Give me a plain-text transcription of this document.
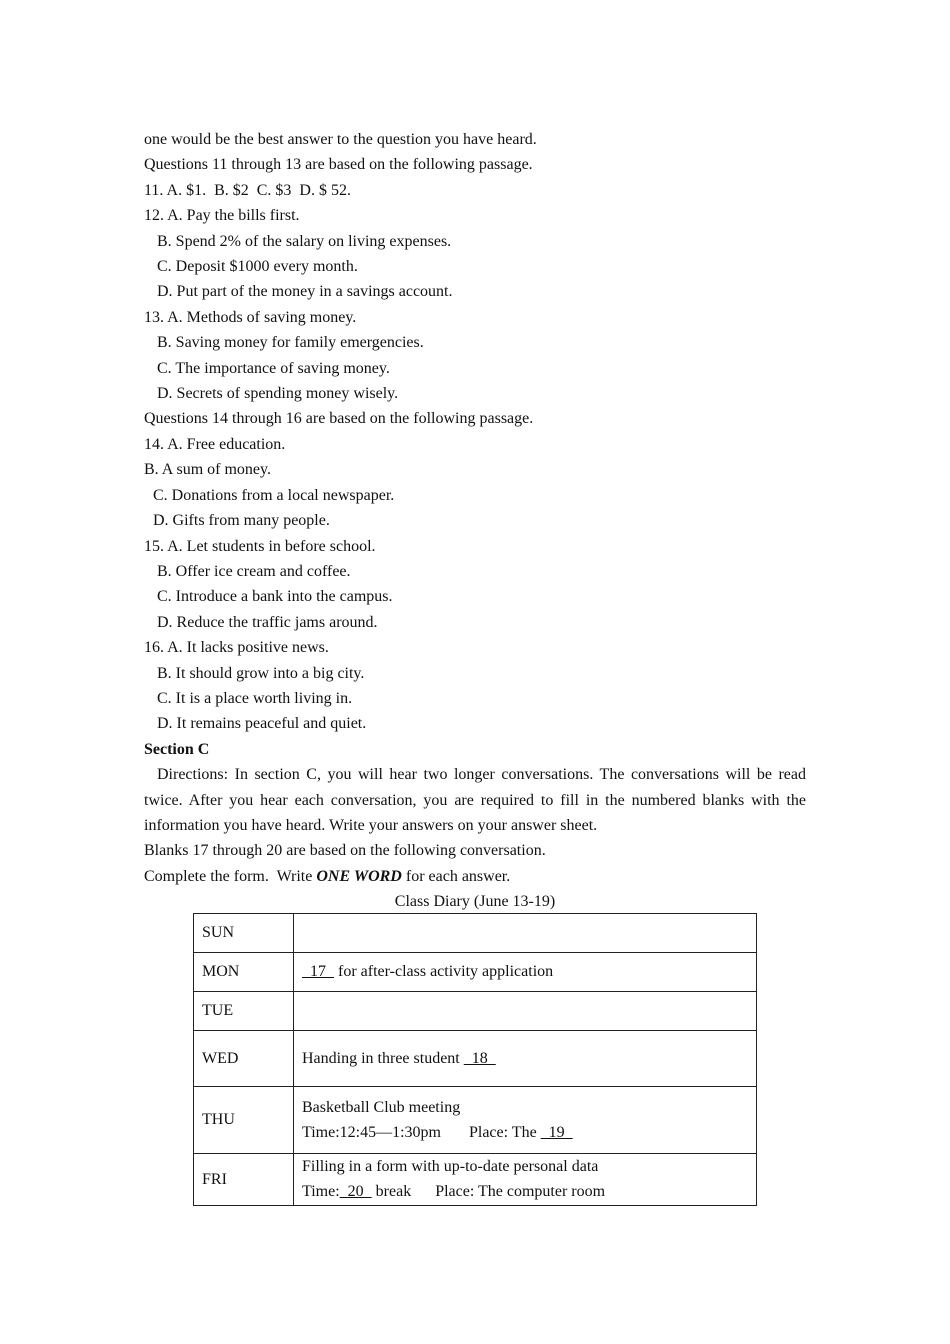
one would be the best answer to the question you have heard.

Questions 11 through 13 are based on the following passage.

11. A. $1.  B. $2  C. $3  D. $ 52.

12. A. Pay the bills first.

B. Spend 2% of the salary on living expenses.

C. Deposit $1000 every month.

D. Put part of the money in a savings account.

13. A. Methods of saving money.

B. Saving money for family emergencies.

C. The importance of saving money.

D. Secrets of spending money wisely.

Questions 14 through 16 are based on the following passage.

14. A. Free education.

B. A sum of money.

C. Donations from a local newspaper.

D. Gifts from many people.

15. A. Let students in before school.

B. Offer ice cream and coffee.

C. Introduce a bank into the campus.

D. Reduce the traffic jams around.

16. A. It lacks positive news.

B. It should grow into a big city.

C. It is a place worth living in.

D. It remains peaceful and quiet.

Section C

Directions: In section C, you will hear two longer conversations. The conversations will be read twice. After you hear each conversation, you are required to fill in the numbered blanks with the information you have heard. Write your answers on your answer sheet.

Blanks 17 through 20 are based on the following conversation.

Complete the form.  Write ONE WORD for each answer.

Class Diary (June 13-19)

SUN	
MON	17   for after-class activity application
TUE	
WED	Handing in three student   18
THU	Basketball Club meeting
Time:12:45—1:30pm       Place: The   19

FRI	Filling in a form with up-to-date personal data
Time:  20   break      Place: The computer room
